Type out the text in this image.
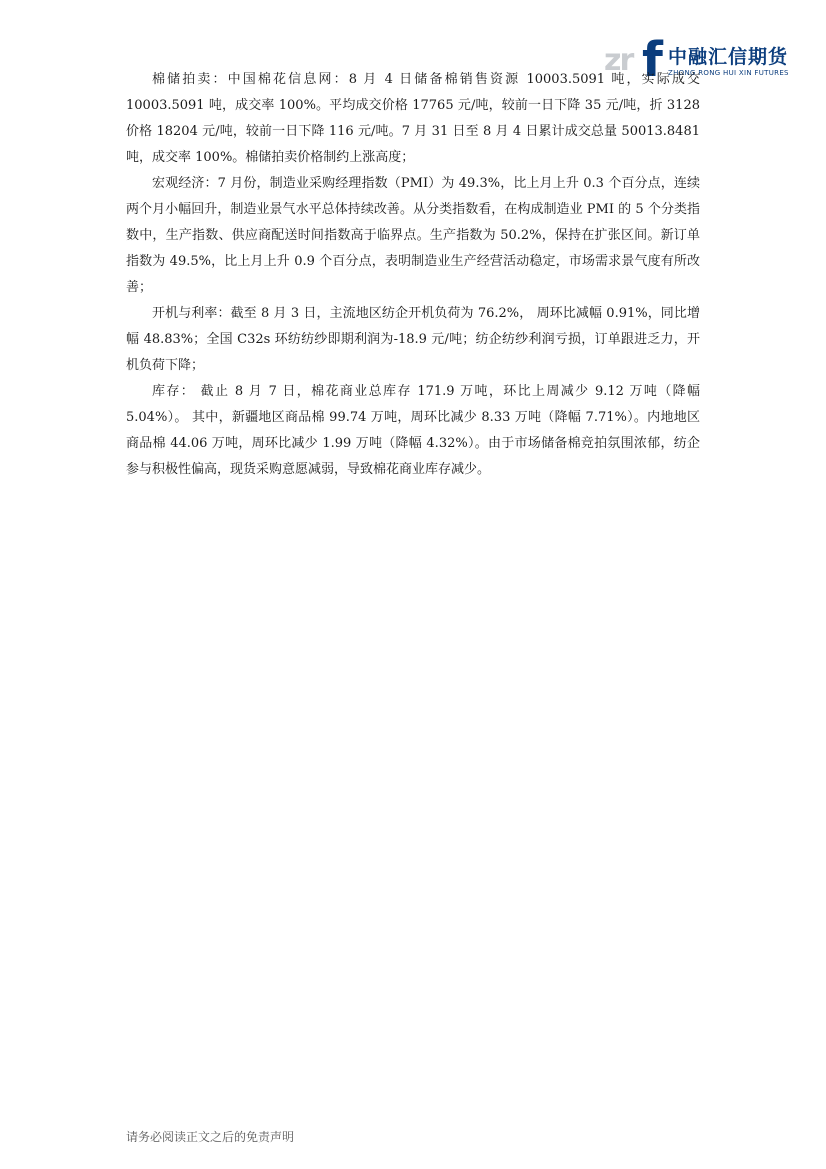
zr f 中融汇信期货
ZHONG RONG HUI XIN FUTURES

棉储拍卖：中国棉花信息网：8 月 4 日储备棉销售资源 10003.5091 吨，实际成交 10003.5091 吨，成交率 100%。平均成交价格 17765 元/吨，较前一日下降 35 元/吨，折 3128 价格 18204 元/吨，较前一日下降 116 元/吨。7 月 31 日至 8 月 4 日累计成交总量 50013.8481 吨，成交率 100%。棉储拍卖价格制约上涨高度；

宏观经济：7 月份，制造业采购经理指数（PMI）为 49.3%，比上月上升 0.3 个百分点，连续两个月小幅回升，制造业景气水平总体持续改善。从分类指数看，在构成制造业 PMI 的 5 个分类指数中，生产指数、供应商配送时间指数高于临界点。生产指数为 50.2%，保持在扩张区间。新订单指数为 49.5%，比上月上升 0.9 个百分点，表明制造业生产经营活动稳定，市场需求景气度有所改善；

开机与利率：截至 8 月 3 日，主流地区纺企开机负荷为 76.2%， 周环比减幅 0.91%，同比增幅 48.83%；全国 C32s 环纺纺纱即期利润为-18.9 元/吨；纺企纺纱利润亏损，订单跟进乏力，开机负荷下降；

库存： 截止 8 月 7 日，棉花商业总库存 171.9 万吨，环比上周减少 9.12 万吨（降幅 5.04%）。 其中，新疆地区商品棉 99.74 万吨，周环比减少 8.33 万吨（降幅 7.71%）。内地地区商品棉 44.06 万吨，周环比减少 1.99 万吨（降幅 4.32%）。由于市场储备棉竞拍氛围浓郁，纺企参与积极性偏高，现货采购意愿减弱，导致棉花商业库存减少。

请务必阅读正文之后的免责声明
